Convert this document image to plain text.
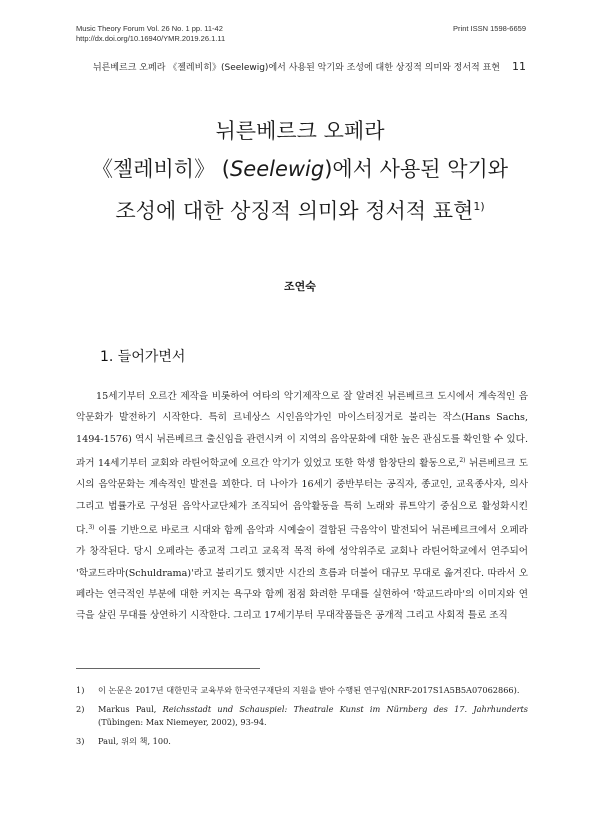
Music Theory Forum Vol. 26 No. 1 pp. 11-42
http://dx.doi.org/10.16940/YMR.2019.26.1.11
Print ISSN 1598-6659
뉘른베르크 오페라 《젤레비히》(Seelewig)에서 사용된 악기와 조성에 대한 상징적 의미와 정서적 표현 11
뉘른베르크 오페라
《젤레비히》 (Seelewig)에서 사용된 악기와
조성에 대한 상징적 의미와 정서적 표현$^{1)}$
조연숙
1. 들어가면서

15세기부터 오르간 제작을 비롯하여 여타의 악기제작으로 잘 알려진 뉘른베르크 도시에서 계속적인 음악문화가 발전하기 시작한다. 특히 르네상스 시인음악가인 마이스터징거로 불리는 작스(Hans Sachs, 1494-1576) 역시 뉘른베르크 출신임을 관련시켜 이 지역의 음악문화에 대한 높은 관심도를 확인할 수 있다. 과거 14세기부터 교회와 라틴어학교에 오르간 악기가 있었고 또한 학생 합창단의 활동으로,$^{2)}$ 뉘른베르크 도시의 음악문화는 계속적인 발전을 꾀한다. 더 나아가 16세기 중반부터는 공직자, 종교인, 교육종사자, 의사 그리고 법률가로 구성된 음악사교단체가 조직되어 음악활동을 특히 노래와 류트악기 중심으로 활성화시킨다.$^{3)}$ 이를 기반으로 바로크 시대와 함께 음악과 시예술이 결합된 극음악이 발전되어 뉘른베르크에서 오페라가 창작된다. 당시 오페라는 종교적 그리고 교육적 목적 하에 성악위주로 교회나 라틴어학교에서 연주되어 '학교드라마(Schuldrama)'라고 불리기도 했지만 시간의 흐름과 더불어 대규모 무대로 옮겨진다. 따라서 오페라는 연극적인 부분에 대한 커지는 욕구와 함께 점점 화려한 무대를 실현하여 '학교드라마'의 이미지와 연극을 살린 무대를 상연하기 시작한다. 그리고 17세기부터 무대작품들은 공개적 그리고 사회적 틀로 조직

1)	이 논문은 2017년 대한민국 교육부와 한국연구재단의 지원을 받아 수행된 연구임(NRF-2017S1A5B5A07062866).
2)	Markus Paul, Reichsstadt und Schauspiel: Theatrale Kunst im Nürnberg des 17. Jahrhunderts (Tübingen: Max Niemeyer, 2002), 93-94.
3)	Paul, 위의 책, 100.
